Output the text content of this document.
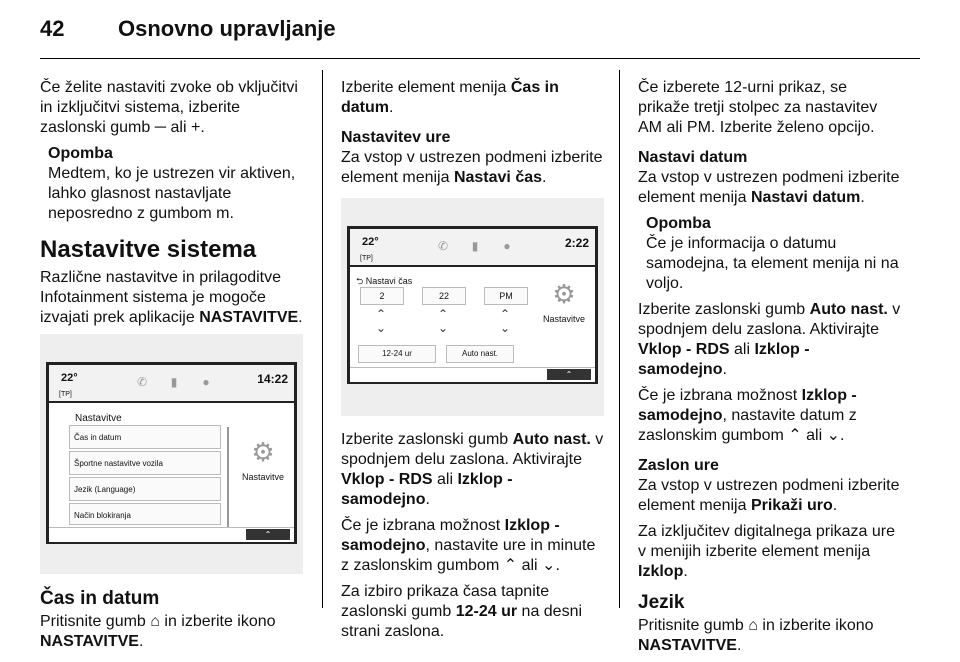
42 Osnovno upravljanje

Če želite nastaviti zvoke ob vključitvi in izključitvi sistema, izberite zaslonski gumb ─ ali +.

Opomba
Medtem, ko je ustrezen vir aktiven, lahko glasnost nastavljate neposredno z gumbom m.
Nastavitve sistema

Različne nastavitve in prilagoditve Infotainment sistema je mogoče izvajati prek aplikacije NASTAVITVE.

22°
[TP]
✆	▮	●	14:22
Nastavitve
Čas in datum
Športne nastavitve vozila
Jezik (Language)
Način blokiranja
⚙
Nastavitve
⌃
Čas in datum

Pritisnite gumb ⌂ in izberite ikono NASTAVITVE.

Izberite element menija Čas in datum.

Nastavitev ure

Za vstop v ustrezen podmeni izberite element menija Nastavi čas.

22°
[TP]
✆	▮	●	2:22
⮌ Nastavi čas
2	22	PM
⌃
⌄
⌃
⌄
⌃
⌄
12-24 ur	Auto nast.
⚙
Nastavitve
⌃

Izberite zaslonski gumb Auto nast. v spodnjem delu zaslona. Aktivirajte Vklop - RDS ali Izklop - samodejno.

Če je izbrana možnost Izklop - samodejno, nastavite ure in minute z zaslonskim gumbom ⌃ ali ⌄.

Za izbiro prikaza časa tapnite zaslonski gumb 12-24 ur na desni strani zaslona.

Če izberete 12-urni prikaz, se prikaže tretji stolpec za nastavitev AM ali PM. Izberite želeno opcijo.

Nastavi datum

Za vstop v ustrezen podmeni izberite element menija Nastavi datum.

Opomba
Če je informacija o datumu samodejna, ta element menija ni na voljo.

Izberite zaslonski gumb Auto nast. v spodnjem delu zaslona. Aktivirajte Vklop - RDS ali Izklop - samodejno.

Če je izbrana možnost Izklop - samodejno, nastavite datum z zaslonskim gumbom ⌃ ali ⌄.

Zaslon ure

Za vstop v ustrezen podmeni izberite element menija Prikaži uro.

Za izključitev digitalnega prikaza ure v menijih izberite element menija Izklop.

Jezik

Pritisnite gumb ⌂ in izberite ikono NASTAVITVE.
